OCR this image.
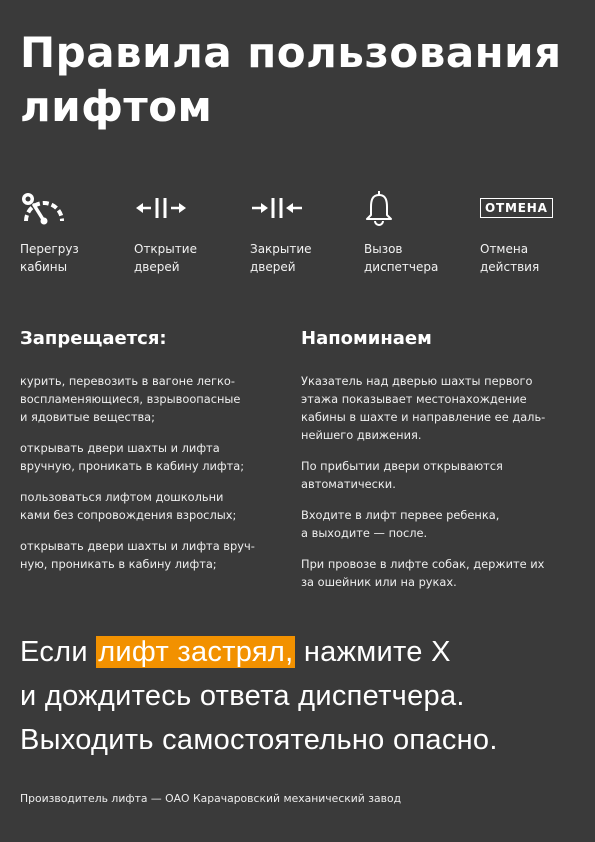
Правила пользования лифтом
Перегруз
кабины
Открытие
дверей
Закрытие
дверей
Вызов
диспетчера
ОТМЕНА
Отмена
действия
Запрещается:

курить, перевозить в вагоне легко-
воспламеняющиеся, взрывоопасные
и ядовитые вещества;

открывать двери шахты и лифта
вручную, проникать в кабину лифта;

пользоваться лифтом дошкольни
ками без сопровождения взрослых;

открывать двери шахты и лифта вруч-
ную, проникать в кабину лифта;

Напоминаем

Указатель над дверью шахты первого
этажа показывает местонахождение
кабины в шахте и направление ее даль-
нейшего движения.

По прибытии двери открываются
автоматически.

Входите в лифт первее ребенка,
а выходите — после.

При провозе в лифте собак, держите их
за ошейник или на руках.

Если лифт застрял, нажмите Х
и дождитесь ответа диспетчера.
Выходить самостоятельно опасно.
Производитель лифта — ОАО Карачаровский механический завод
